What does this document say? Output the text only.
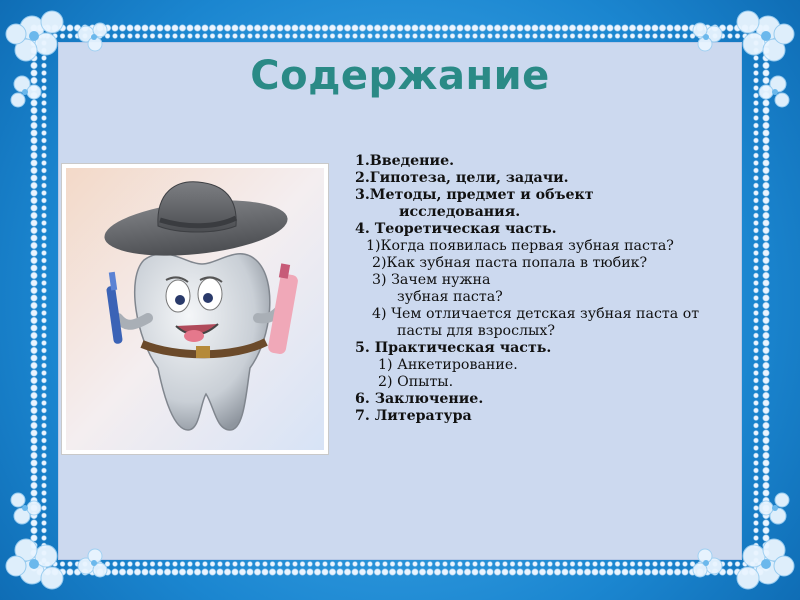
Содержание
1.Введение.
2.Гипотеза, цели, задачи.
3.Методы, предмет и объект
исследования.
4. Теоретическая часть.
1)Когда появилась первая зубная паста?
2)Как зубная паста попала в тюбик?
3) Зачем нужна
зубная паста?
4) Чем отличается детская зубная паста от
пасты для взрослых?
5. Практическая часть.
1) Анкетирование.
2) Опыты.
6. Заключение.
7. Литература
